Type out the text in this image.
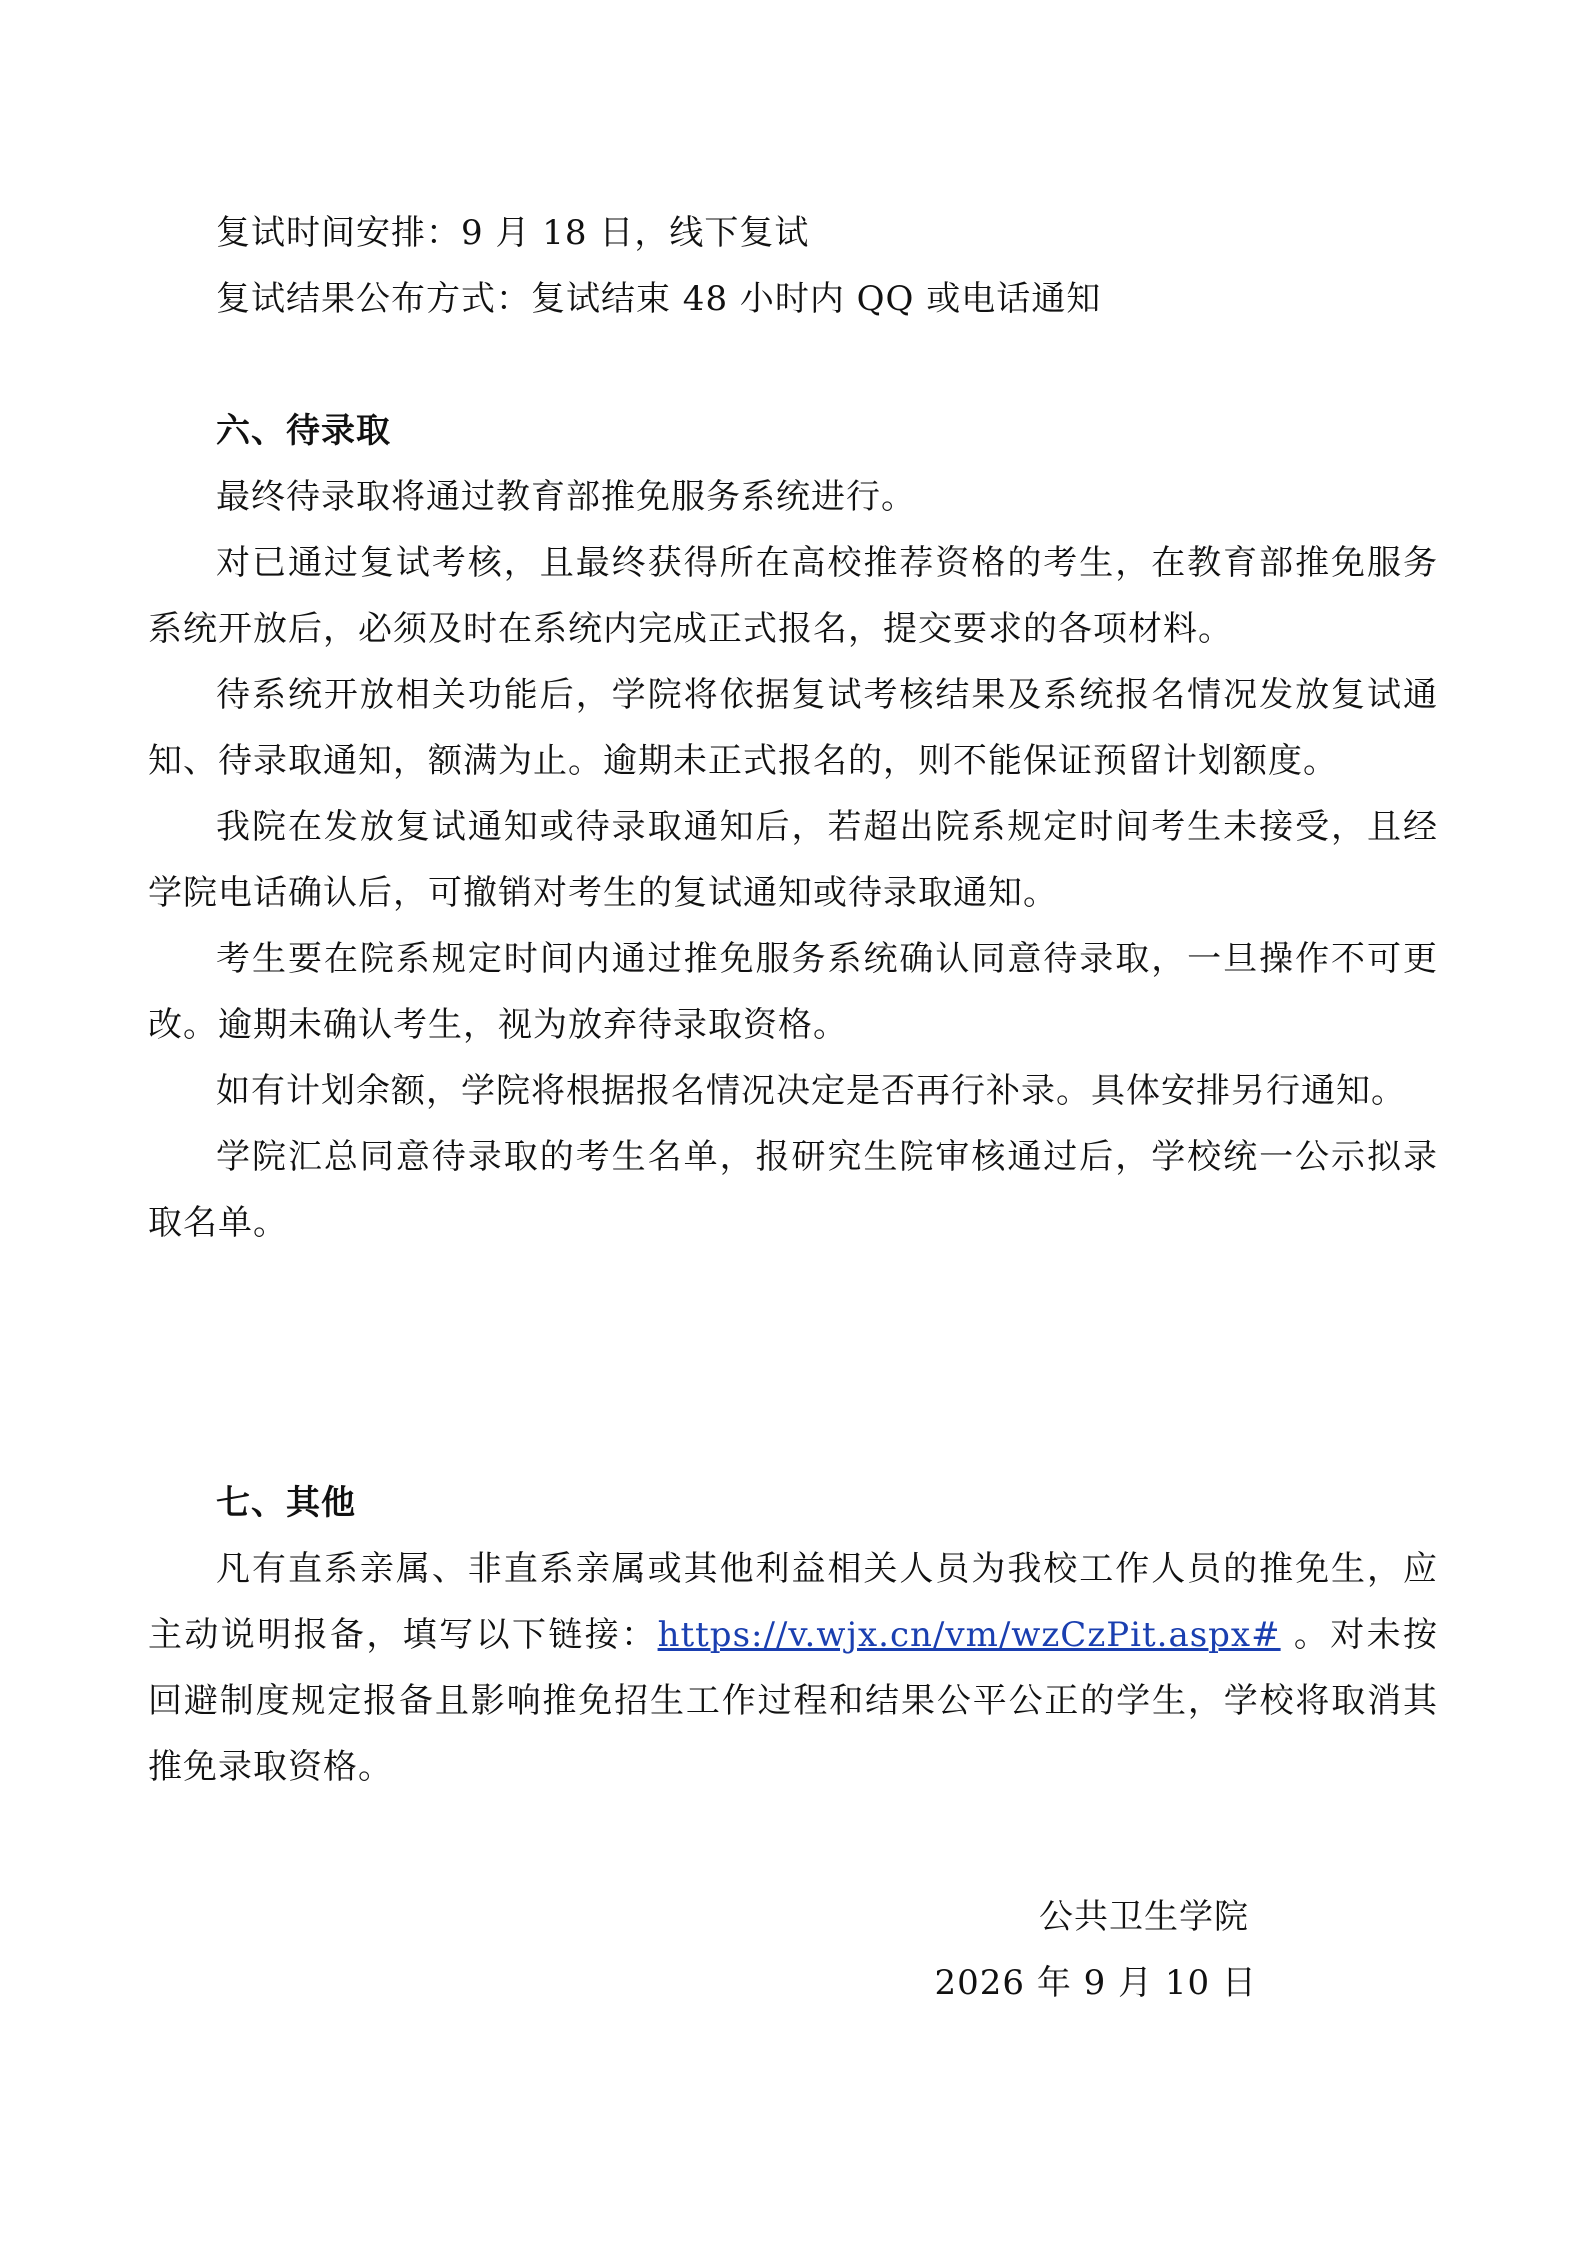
复试时间安排：9 月 18 日，线下复试

复试结果公布方式：复试结束 48 小时内 QQ 或电话通知

六、待录取

最终待录取将通过教育部推免服务系统进行。

对已通过复试考核，且最终获得所在高校推荐资格的考生，在教育部推免服务系统开放后，必须及时在系统内完成正式报名，提交要求的各项材料。

待系统开放相关功能后，学院将依据复试考核结果及系统报名情况发放复试通知、待录取通知，额满为止。逾期未正式报名的，则不能保证预留计划额度。

我院在发放复试通知或待录取通知后，若超出院系规定时间考生未接受，且经学院电话确认后，可撤销对考生的复试通知或待录取通知。

考生要在院系规定时间内通过推免服务系统确认同意待录取，一旦操作不可更改。逾期未确认考生，视为放弃待录取资格。

如有计划余额，学院将根据报名情况决定是否再行补录。具体安排另行通知。

学院汇总同意待录取的考生名单，报研究生院审核通过后，学校统一公示拟录取名单。

七、其他

凡有直系亲属、非直系亲属或其他利益相关人员为我校工作人员的推免生，应主动说明报备，填写以下链接：https://v.wjx.cn/vm/wzCzPit.aspx# 。对未按回避制度规定报备且影响推免招生工作过程和结果公平公正的学生，学校将取消其推免录取资格。

公共卫生学院
2026 年 9 月 10 日
